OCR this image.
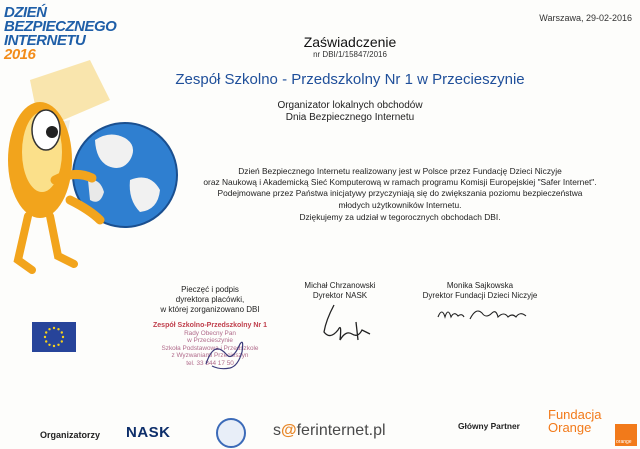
DZIEŃ
BEZPIECZNEGO
INTERNETU 2016
Warszawa, 29-02-2016
Zaświadczenie
nr DBI/1/15847/2016
Zespół Szkolno - Przedszkolny Nr 1 w Przecieszynie
Organizator lokalnych obchodów
Dnia Bezpiecznego Internetu
Dzień Bezpiecznego Internetu realizowany jest w Polsce przez Fundację Dzieci Niczyje
oraz Naukową i Akademicką Sieć Komputerową w ramach programu Komisji Europejskiej "Safer Internet".
Podejmowane przez Państwa inicjatywy przyczyniają się do zwiększania poziomu bezpieczeństwa
młodych użytkowników Internetu.
Dziękujemy za udział w tegorocznych obchodach DBI.
Pieczęć i podpis
dyrektora placówki,
w której zorganizowano DBI
Michał Chrzanowski
Dyrektor NASK
Monika Sajkowska
Dyrektor Fundacji Dzieci Niczyje
Zespół Szkolno-Przedszkolny Nr 1
Rady Obecny Pan
w Przecieszynie
Szkoła Podstawowa i Przedszkole
z Wyzwaniami Przecieszyn
tel. 33 844 17 50
Organizatorzy NASK	s@ferinternet.pl	Główny Partner
Fundacja
Orange
orange
